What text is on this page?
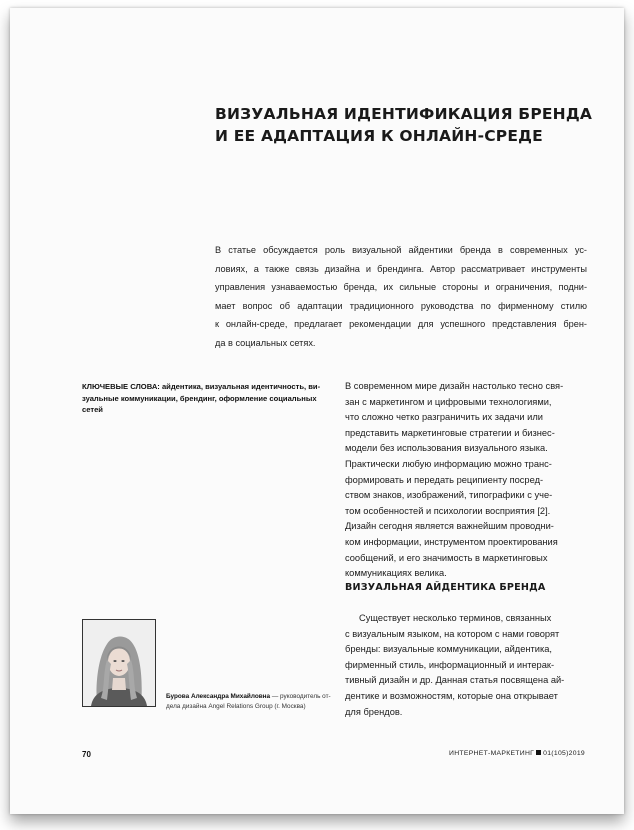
ВИЗУАЛЬНАЯ ИДЕНТИФИКАЦИЯ БРЕНДА
И ЕЕ АДАПТАЦИЯ К ОНЛАЙН-СРЕДЕ
В статье обсуждается роль визуальной айдентики бренда в современных ус-
ловиях, а также связь дизайна и брендинга. Автор рассматривает инструменты
управления узнаваемостью бренда, их сильные стороны и ограничения, подни-
мает вопрос об адаптации традиционного руководства по фирменному стилю
к онлайн-среде, предлагает рекомендации для успешного представления брен-
да в социальных сетях.
КЛЮЧЕВЫЕ СЛОВА: айдентика, визуальная идентичность, ви-
зуальные коммуникации, брендинг, оформление социальных
сетей
В современном мире дизайн настолько тесно свя-
зан с маркетингом и цифровыми технологиями,
что сложно четко разграничить их задачи или
представить маркетинговые стратегии и бизнес-
модели без использования визуального языка.
Практически любую информацию можно транс-
формировать и передать реципиенту посред-
ством знаков, изображений, типографики с уче-
том особенностей и психологии восприятия [2].
Дизайн сегодня является важнейшим проводни-
ком информации, инструментом проектирования
сообщений, и его значимость в маркетинговых
коммуникациях велика.
ВИЗУАЛЬНАЯ АЙДЕНТИКА БРЕНДА
Существует несколько терминов, связанных
с визуальным языком, на котором с нами говорят
бренды: визуальные коммуникации, айдентика,
фирменный стиль, информационный и интерак-
тивный дизайн и др. Данная статья посвящена ай-
дентике и возможностям, которые она открывает
для брендов.
Бурова Александра Михайловна — руководитель от-
дела дизайна Angel Relations Group (г. Москва)
70	ИНТЕРНЕТ-МАРКЕТИНГ 01(105)2019
